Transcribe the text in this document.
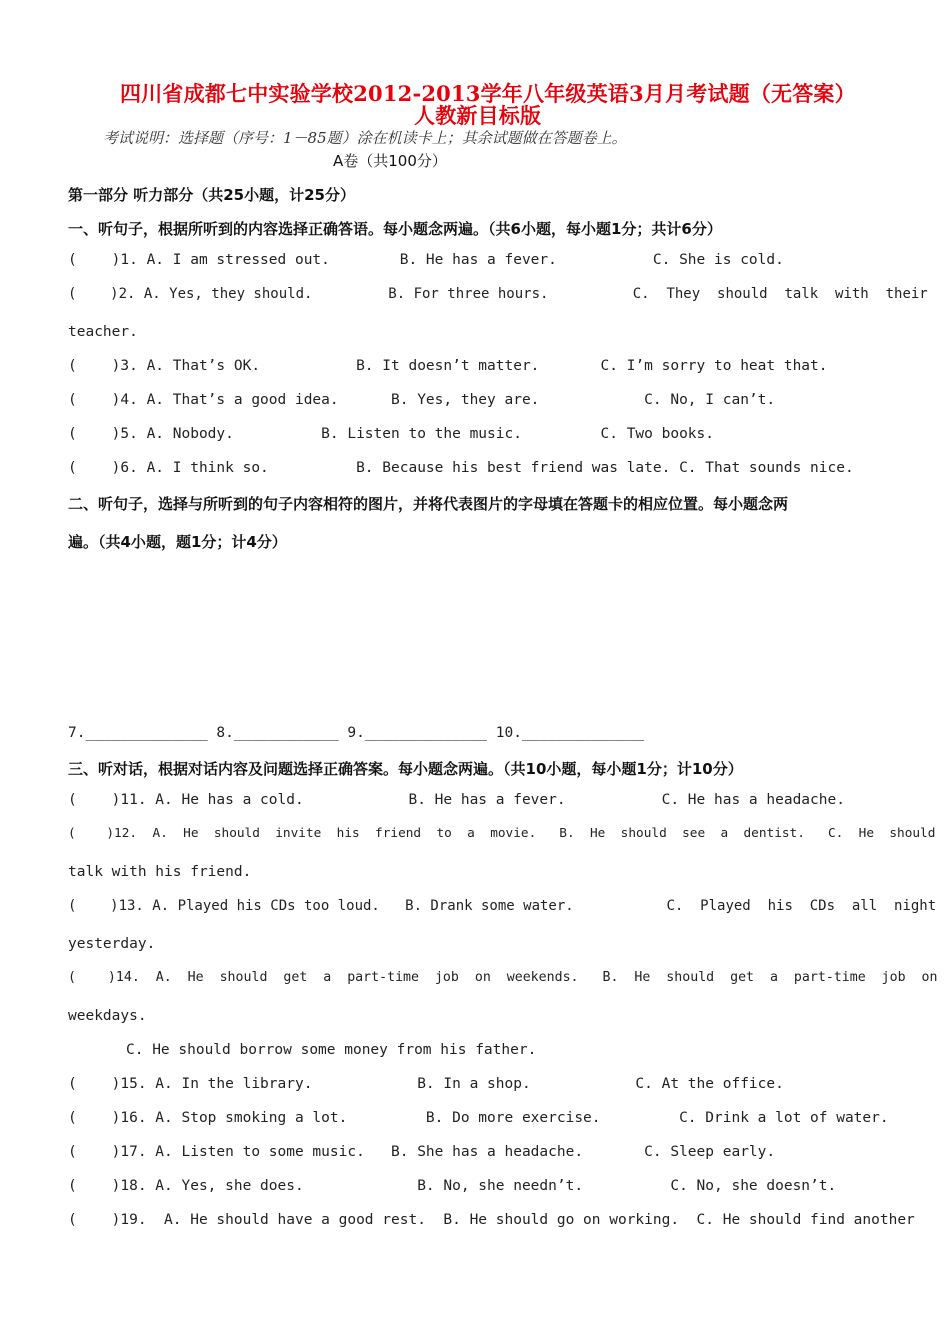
四川省成都七中实验学校2012-2013学年八年级英语3月月考试题（无答案）
人教新目标版
考试说明：选择题（序号：1－85题）涂在机读卡上；其余试题做在答题卷上。
A卷（共100分）
第一部分 听力部分（共25小题，计25分）
一、听句子，根据所听到的内容选择正确答语。每小题念两遍。（共6小题，每小题1分；共计6分）
(    )1. A. I am stressed out.        B. He has a fever.           C. She is cold.
(    )2. A. Yes, they should.         B. For three hours.          C.  They  should  talk  with  their
teacher.
(    )3. A. That’s OK.           B. It doesn’t matter.       C. I’m sorry to heat that.
(    )4. A. That’s a good idea.      B. Yes, they are.            C. No, I can’t.
(    )5. A. Nobody.          B. Listen to the music.         C. Two books.
(    )6. A. I think so.          B. Because his best friend was late. C. That sounds nice.
二、听句子，选择与所听到的句子内容相符的图片，并将代表图片的字母填在答题卡的相应位置。每小题念两
遍。（共4小题，题1分；计4分）
7.______________ 8.____________ 9.______________ 10.______________
三、听对话，根据对话内容及问题选择正确答案。每小题念两遍。（共10小题，每小题1分；计10分）
(    )11. A. He has a cold.            B. He has a fever.           C. He has a headache.
(    )12.  A.  He  should  invite  his  friend  to  a  movie.   B.  He  should  see  a  dentist.   C.  He  should
talk with his friend.
(    )13. A. Played his CDs too loud.   B. Drank some water.           C.  Played  his  CDs  all  night
yesterday.
(    )14.  A.  He  should  get  a  part-time  job  on  weekends.   B.  He  should  get  a  part-time  job  on
weekdays.
C. He should borrow some money from his father.
(    )15. A. In the library.            B. In a shop.            C. At the office.
(    )16. A. Stop smoking a lot.         B. Do more exercise.         C. Drink a lot of water.
(    )17. A. Listen to some music.   B. She has a headache.       C. Sleep early.
(    )18. A. Yes, she does.             B. No, she needn’t.          C. No, she doesn’t.
(    )19.  A. He should have a good rest.  B. He should go on working.  C. He should find another
